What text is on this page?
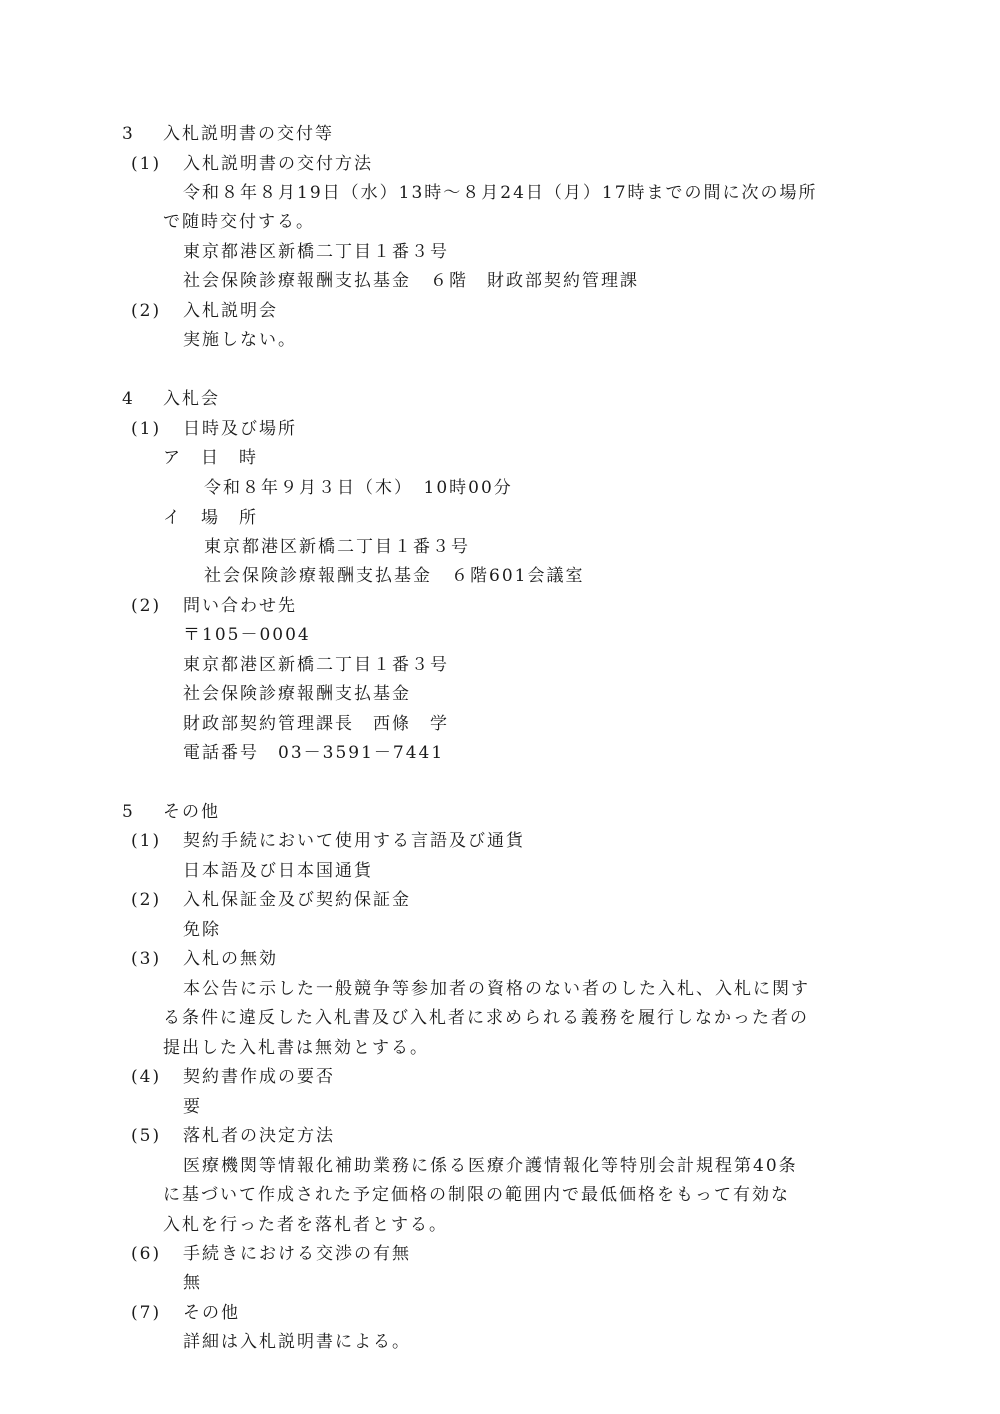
3 入札説明書の交付等
(1) 入札説明書の交付方法
令和８年８月19日（水）13時～８月24日（月）17時までの間に次の場所
で随時交付する。
東京都港区新橋二丁目１番３号
社会保険診療報酬支払基金　６階　財政部契約管理課
(2) 入札説明会
実施しない。
4 入札会
(1) 日時及び場所
ア　日　時
令和８年９月３日（木）　10時00分
イ　場　所
東京都港区新橋二丁目１番３号
社会保険診療報酬支払基金　６階601会議室
(2) 問い合わせ先
〒105－0004
東京都港区新橋二丁目１番３号
社会保険診療報酬支払基金
財政部契約管理課長　西條　学
電話番号　03－3591－7441
5 その他
(1) 契約手続において使用する言語及び通貨
日本語及び日本国通貨
(2) 入札保証金及び契約保証金
免除
(3) 入札の無効
本公告に示した一般競争等参加者の資格のない者のした入札、入札に関す
る条件に違反した入札書及び入札者に求められる義務を履行しなかった者の
提出した入札書は無効とする。
(4) 契約書作成の要否
要
(5) 落札者の決定方法
医療機関等情報化補助業務に係る医療介護情報化等特別会計規程第40条
に基づいて作成された予定価格の制限の範囲内で最低価格をもって有効な
入札を行った者を落札者とする。
(6) 手続きにおける交渉の有無
無
(7) その他
詳細は入札説明書による。
